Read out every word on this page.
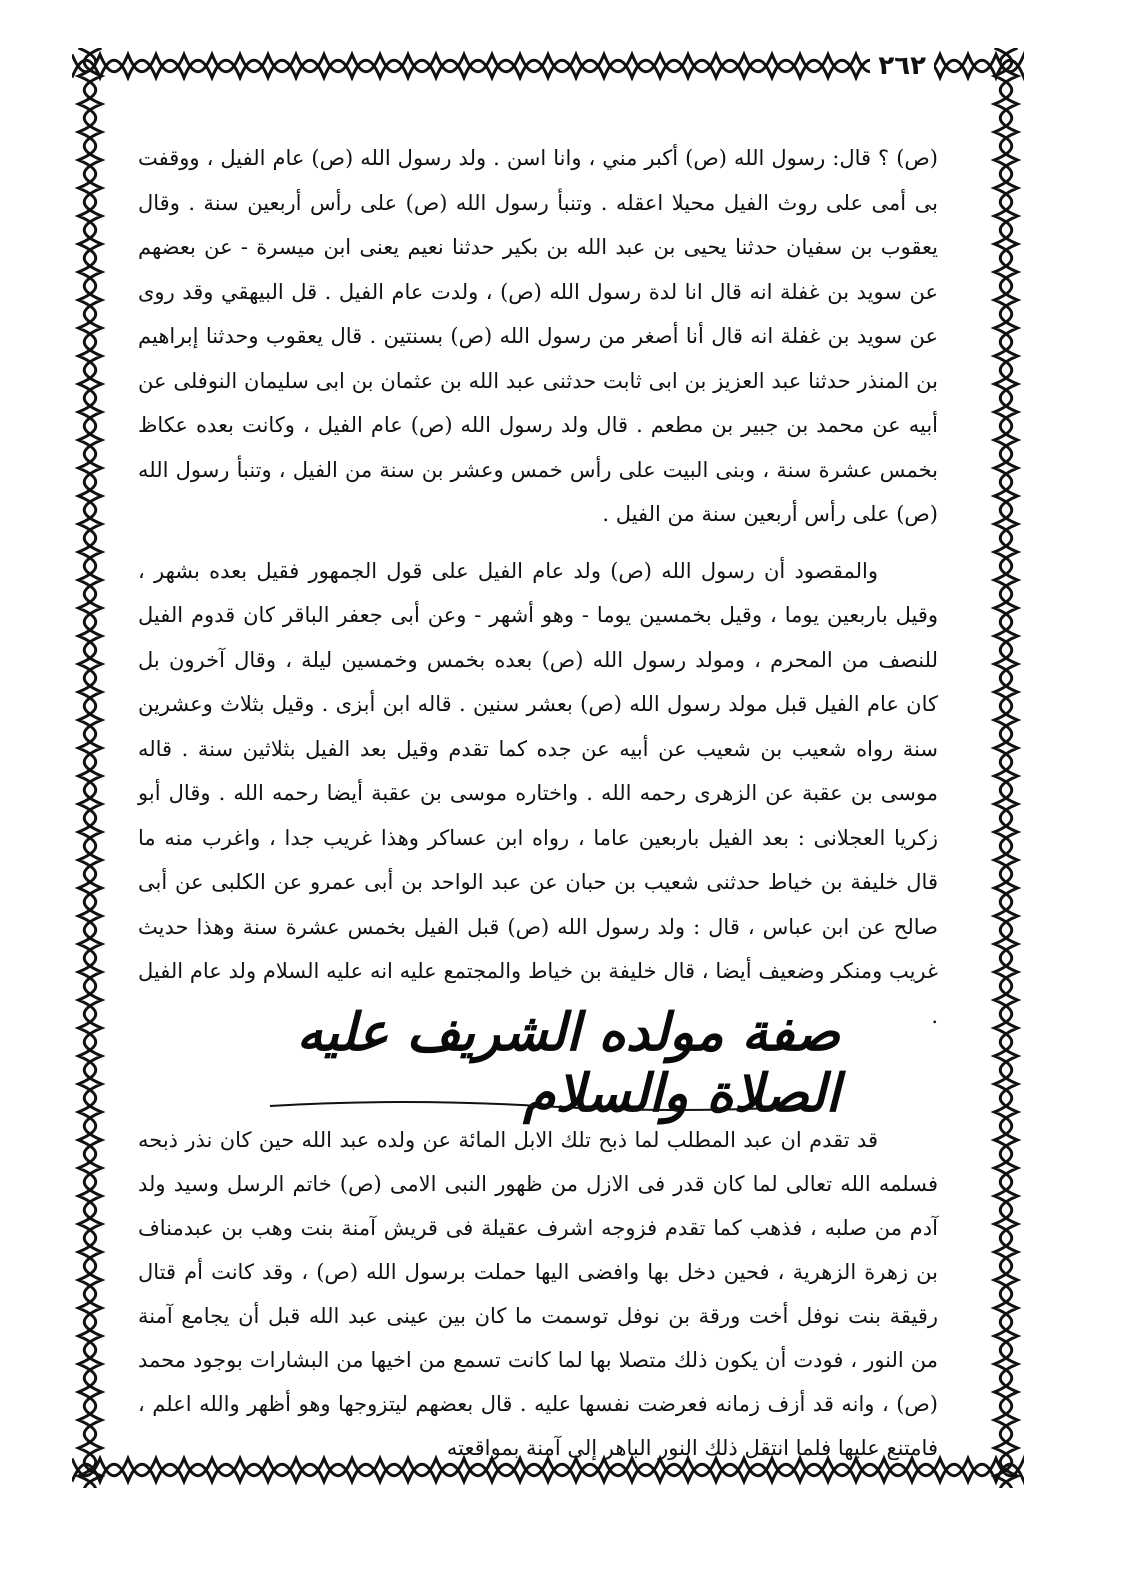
٢٦٢

(ص) ؟ قال: رسول الله (ص) أكبر مني ، وانا اسن . ولد رسول الله (ص) عام الفيل ، ووقفت بى أمى على روث الفيل محيلا اعقله . وتنبأ رسول الله (ص) على رأس أربعين سنة . وقال يعقوب بن سفيان حدثنا يحيى بن عبد الله بن بكير حدثنا نعيم يعنى ابن ميسرة - عن بعضهم عن سويد بن غفلة انه قال انا لدة رسول الله (ص) ، ولدت عام الفيل . قل البيهقي وقد روى عن سويد بن غفلة انه قال أنا أصغر من رسول الله (ص) بسنتين . قال يعقوب وحدثنا إبراهيم بن المنذر حدثنا عبد العزيز بن ابى ثابت حدثنى عبد الله بن عثمان بن ابى سليمان النوفلى عن أبيه عن محمد بن جبير بن مطعم . قال ولد رسول الله (ص) عام الفيل ، وكانت بعده عكاظ بخمس عشرة سنة ، وبنى البيت على رأس خمس وعشر بن سنة من الفيل ، وتنبأ رسول الله (ص) على رأس أربعين سنة من الفيل .

والمقصود أن رسول الله (ص) ولد عام الفيل على قول الجمهور فقيل بعده بشهر ، وقيل باربعين يوما ، وقيل بخمسين يوما - وهو أشهر - وعن أبى جعفر الباقر كان قدوم الفيل للنصف من المحرم ، ومولد رسول الله (ص) بعده بخمس وخمسين ليلة ، وقال آخرون بل كان عام الفيل قبل مولد رسول الله (ص) بعشر سنين . قاله ابن أبزى . وقيل بثلاث وعشرين سنة رواه شعيب بن شعيب عن أبيه عن جده كما تقدم وقيل بعد الفيل بثلاثين سنة . قاله موسى بن عقبة عن الزهرى رحمه الله . واختاره موسى بن عقبة أيضا رحمه الله . وقال أبو زكريا العجلانى : بعد الفيل باربعين عاما ، رواه ابن عساكر وهذا غريب جدا ، واغرب منه ما قال خليفة بن خياط حدثنى شعيب بن حبان عن عبد الواحد بن أبى عمرو عن الكلبى عن أبى صالح عن ابن عباس ، قال : ولد رسول الله (ص) قبل الفيل بخمس عشرة سنة وهذا حديث غريب ومنكر وضعيف أيضا ، قال خليفة بن خياط والمجتمع عليه انه عليه السلام ولد عام الفيل .

صفة مولده الشريف عليه الصلاة والسلام

قد تقدم ان عبد المطلب لما ذبح تلك الابل المائة عن ولده عبد الله حين كان نذر ذبحه فسلمه الله تعالى لما كان قدر فى الازل من ظهور النبى الامى (ص) خاتم الرسل وسيد ولد آدم من صلبه ، فذهب كما تقدم فزوجه اشرف عقيلة فى قريش آمنة بنت وهب بن عبدمناف بن زهرة الزهرية ، فحين دخل بها وافضى اليها حملت برسول الله (ص) ، وقد كانت أم قتال رقيقة بنت نوفل أخت ورقة بن نوفل توسمت ما كان بين عينى عبد الله قبل أن يجامع آمنة من النور ، فودت أن يكون ذلك متصلا بها لما كانت تسمع من اخيها من البشارات بوجود محمد (ص) ، وانه قد أزف زمانه فعرضت نفسها عليه . قال بعضهم ليتزوجها وهو أظهر والله اعلم ، فامتنع عليها فلما انتقل ذلك النور الباهر إلى آمنة بمواقعته
